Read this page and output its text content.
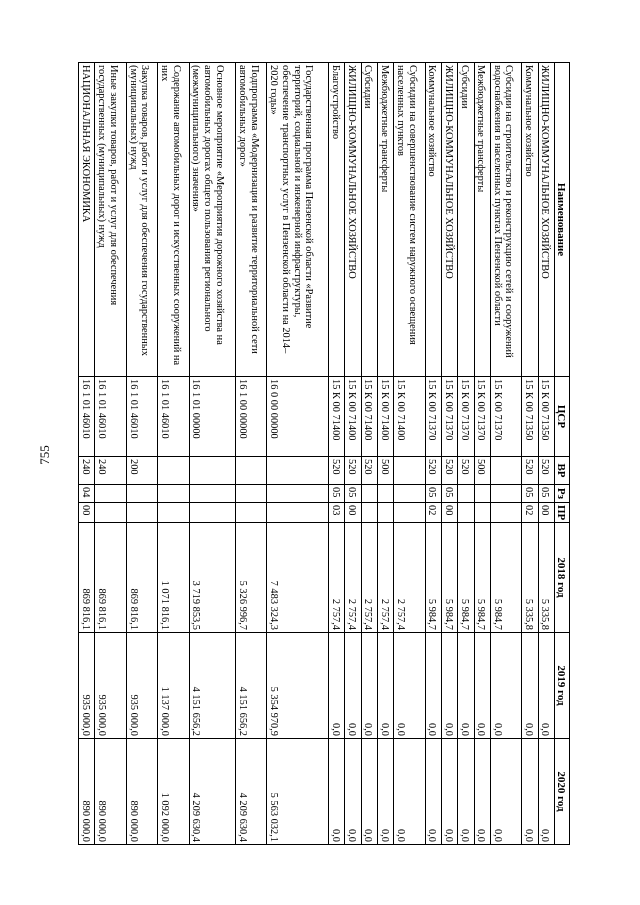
755
Наименование	ЦСР	ВР	Рз	ПР	2018 год	2019 год	2020 год
ЖИЛИЩНО-КОММУНАЛЬНОЕ ХОЗЯЙСТВО	15 К 00 71350	520	05	00	5 335,8	0,0	0,0
Коммунальное хозяйство	15 К 00 71350	520	05	02	5 335,8	0,0	0,0
Субсидии на строительство и реконструкцию сетей и сооружений водоснабжения в населенных пунктах Пензенской области	15 К 00 71370				5 984,7	0,0	0,0
Межбюджетные трансферты	15 К 00 71370	500			5 984,7	0,0	0,0
Субсидии	15 К 00 71370	520			5 984,7	0,0	0,0
ЖИЛИЩНО-КОММУНАЛЬНОЕ ХОЗЯЙСТВО	15 К 00 71370	520	05	00	5 984,7	0,0	0,0
Коммунальное хозяйство	15 К 00 71370	520	05	02	5 984,7	0,0	0,0
Субсидии на совершенствование систем наружного освещения населенных пунктов	15 К 00 71400				2 757,4	0,0	0,0
Межбюджетные трансферты	15 К 00 71400	500			2 757,4	0,0	0,0
Субсидии	15 К 00 71400	520			2 757,4	0,0	0,0
ЖИЛИЩНО-КОММУНАЛЬНОЕ ХОЗЯЙСТВО	15 К 00 71400	520	05	00	2 757,4	0,0	0,0
Благоустройство	15 К 00 71400	520	05	03	2 757,4	0,0	0,0
Государственная программа Пензенской области «Развитие территорий, социальной и инженерной инфраструктуры, обеспечение транспортных услуг в Пензенской области на 2014–2020 годы»	16 0 00 00000				7 483 324,3	5 354 970,9	5 563 032,1
Подпрограмма «Модернизация и развитие территориальной сети автомобильных дорог»	16 1 00 00000				5 326 996,7	4 151 656,2	4 209 630,4
Основное мероприятие «Мероприятия дорожного хозяйства на автомобильных дорогах общего пользования регионального (межмуниципального) значения»	16 1 01 00000				3 719 853,5	4 151 656,2	4 209 630,4
Содержание автомобильных дорог и искусственных сооружений на них	16 1 01 46010				1 071 816,1	1 137 000,0	1 092 000,0
Закупка товаров, работ и услуг для обеспечения государственных (муниципальных) нужд	16 1 01 46010	200			869 816,1	935 000,0	890 000,0
Иные закупки товаров, работ и услуг для обеспечения государственных (муниципальных) нужд	16 1 01 46010	240			869 816,1	935 000,0	890 000,0
НАЦИОНАЛЬНАЯ ЭКОНОМИКА	16 1 01 46010	240	04	00	869 816,1	935 000,0	890 000,0
